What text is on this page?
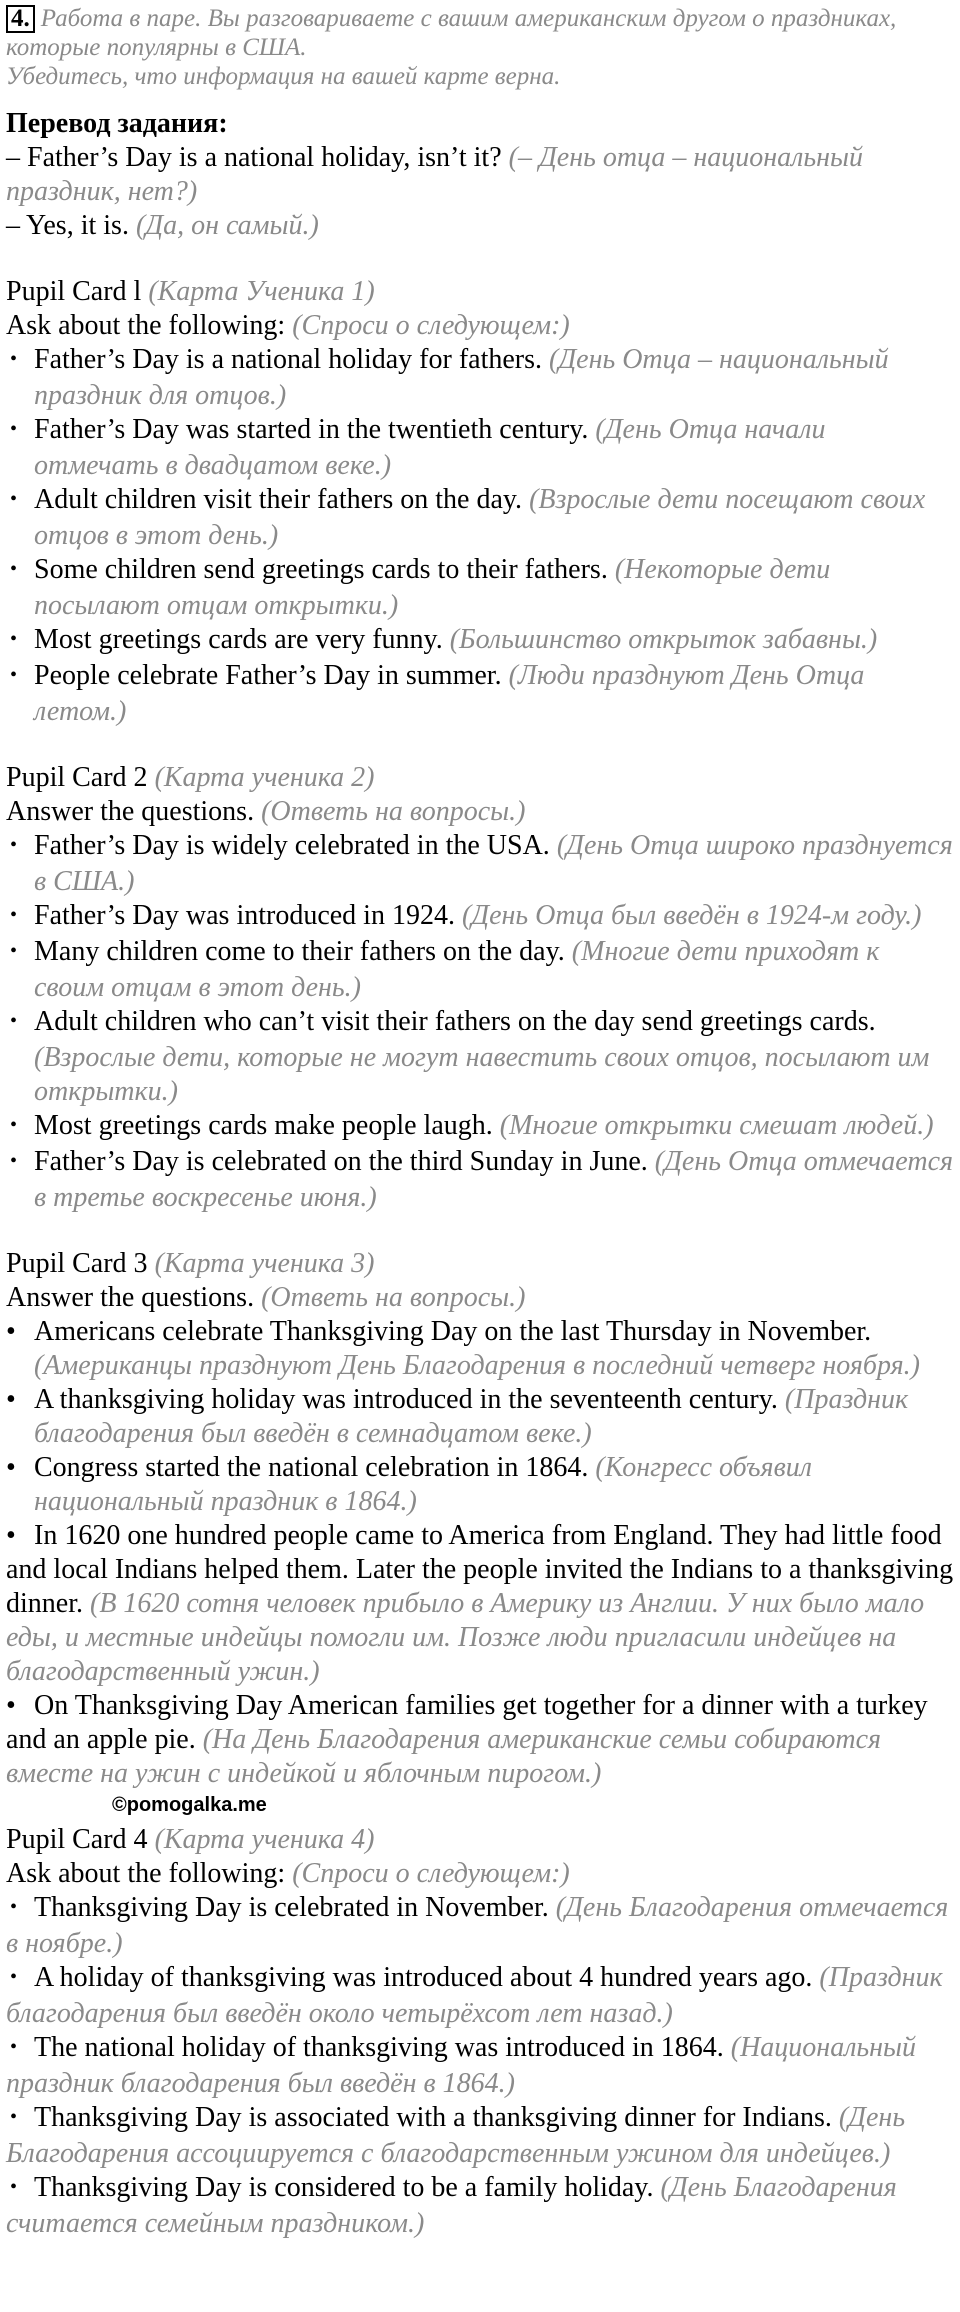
4. Работа в паре. Вы разговариваете с вашим американским другом о праздниках, которые популярны в США.
Убедитесь, что информация на вашей карте верна.
Перевод задания:
– Father’s Day is a national holiday, isn’t it? (– День отца – национальный праздник, нет?)
– Yes, it is. (Да, он самый.)
Pupil Card l (Карта Ученика 1)
Ask about the following: (Спроси о следующем:)
• Father’s Day is a national holiday for fathers. (День Отца – национальный праздник для отцов.)
• Father’s Day was started in the twentieth century. (День Отца начали отмечать в двадцатом веке.)
• Adult children visit their fathers on the day. (Взрослые дети посещают своих отцов в этот день.)
• Some children send greetings cards to their fathers. (Некоторые дети посылают отцам открытки.)
• Most greetings cards are very funny. (Большинство открыток забавны.)
• People celebrate Father’s Day in summer. (Люди празднуют День Отца летом.)
Pupil Card 2 (Карта ученика 2)
Answer the questions. (Ответь на вопросы.)
• Father’s Day is widely celebrated in the USA. (День Отца широко празднуется в США.)
• Father’s Day was introduced in 1924. (День Отца был введён в 1924-м году.)
• Many children come to their fathers on the day. (Многие дети приходят к своим отцам в этот день.)
• Adult children who can’t visit their fathers on the day send greetings cards. (Взрослые дети, которые не могут навестить своих отцов, посылают им открытки.)
• Most greetings cards make people laugh. (Многие открытки смешат людей.)
• Father’s Day is celebrated on the third Sunday in June. (День Отца отмечается в третье воскресенье июня.)
Pupil Card 3 (Карта ученика 3)
Answer the questions. (Ответь на вопросы.)
• Americans celebrate Thanksgiving Day on the last Thursday in November. (Американцы празднуют День Благодарения в последний четверг ноября.)
• A thanksgiving holiday was introduced in the seventeenth century. (Праздник благодарения был введён в семнадцатом веке.)
• Congress started the national celebration in 1864. (Конгресс объявил национальный праздник в 1864.)
• In 1620 one hundred people came to America from England. They had little food and local Indians helped them. Later the people invited the Indians to a thanksgiving dinner. (В 1620 сотня человек прибыло в Америку из Англии. У них было мало еды, и местные индейцы помогли им. Позже люди пригласили индейцев на благодарственный ужин.)
• On Thanksgiving Day American families get together for a dinner with a turkey and an apple pie. (На День Благодарения американские семьи собираются вместе на ужин с индейкой и яблочным пирогом.)
©pomogalka.me
Pupil Card 4 (Карта ученика 4)
Ask about the following: (Спроси о следующем:)
• Thanksgiving Day is celebrated in November. (День Благодарения отмечается в ноябре.)
• A holiday of thanksgiving was introduced about 4 hundred years ago. (Праздник благодарения был введён около четырёхсот лет назад.)
• The national holiday of thanksgiving was introduced in 1864. (Национальный праздник благодарения был введён в 1864.)
• Thanksgiving Day is associated with a thanksgiving dinner for Indians. (День Благодарения ассоциируется с благодарственным ужином для индейцев.)
• Thanksgiving Day is considered to be a family holiday. (День Благодарения считается семейным праздником.)
